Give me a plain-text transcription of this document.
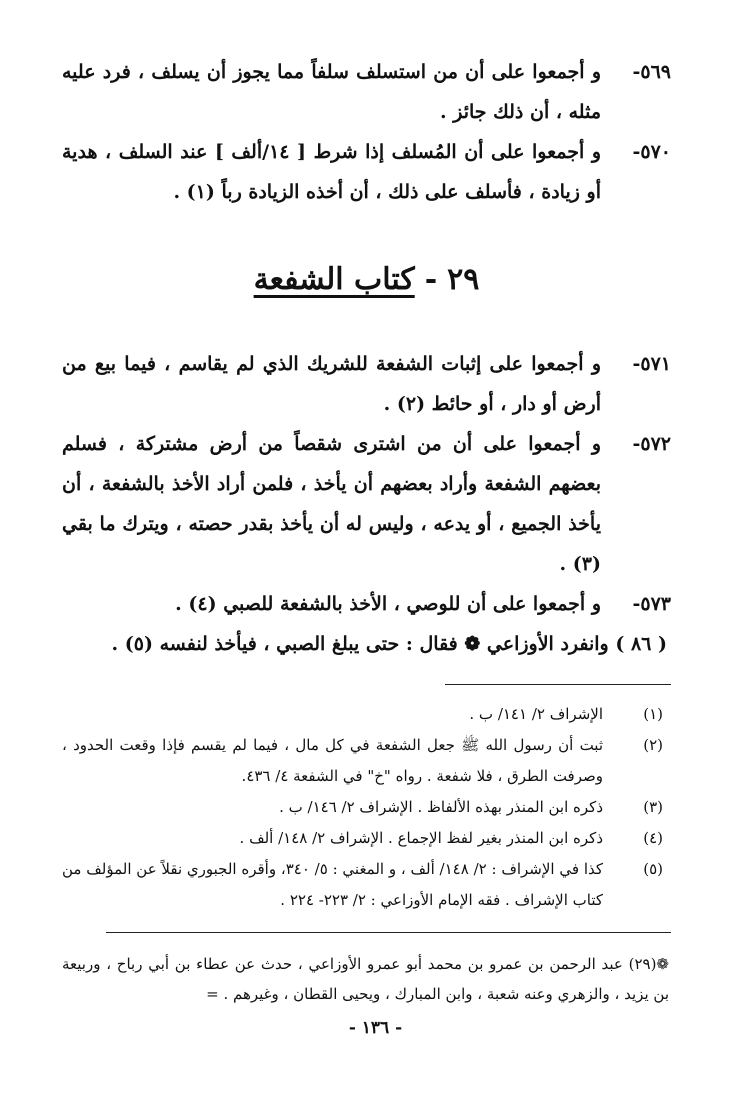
٥٦٩-
و أجمعوا على أن من استسلف سلفاً مما يجوز أن يسلف ، فرد عليه مثله ، أن ذلك جائز .
٥٧٠-
و أجمعوا على أن المُسلف إذا شرط [ ١٤/ألف ] عند السلف ، هدية أو زيادة ، فأسلف على ذلك ، أن أخذه الزيادة رباً (١) .
٢٩-كتاب الشفعة
٥٧١-
و أجمعوا على إثبات الشفعة للشريك الذي لم يقاسم ، فيما بيع من أرض أو دار ، أو حائط (٢) .
٥٧٢-
و أجمعوا على أن من اشترى شقصاً من أرض مشتركة ، فسلم بعضهم الشفعة وأراد بعضهم أن يأخذ ، فلمن أراد الأخذ بالشفعة ، أن يأخذ الجميع ، أو يدعه ، وليس له أن يأخذ بقدر حصته ، ويترك ما بقي (٣) .
٥٧٣-
و أجمعوا على أن للوصي ، الأخذ بالشفعة للصبي (٤) .
( ٨٦ ) وانفرد الأوزاعي ❁ فقال : حتى يبلغ الصبي ، فيأخذ لنفسه (٥) .
(١)
الإشراف ٢/ ١٤١/ ب .
(٢)
ثبت أن رسول الله ﷺ جعل الشفعة في كل مال ، فيما لم يقسم فإذا وقعت الحدود ، وصرفت الطرق ، فلا شفعة . رواه "خ" في الشفعة ٤/ ٤٣٦.
(٣)
ذكره ابن المنذر بهذه الألفاظ . الإشراف ٢/ ١٤٦/ ب .
(٤)
ذكره ابن المنذر بغير لفظ الإجماع . الإشراف ٢/ ١٤٨/ ألف .
(٥)
كذا في الإشراف : ٢/ ١٤٨/ ألف ، و المغني : ٥/ ٣٤٠، وأقره الجبوري نقلاً عن المؤلف من كتاب الإشراف . فقه الإمام الأوزاعي : ٢/ ٢٢٣- ٢٢٤ .
❁(٢٩) عبد الرحمن بن عمرو بن محمد أبو عمرو الأوزاعي ، حدث عن عطاء بن أبي رباح ، وربيعة بن يزيد ، والزهري وعنه شعبة ، وابن المبارك ، ويحيى القطان ، وغيرهم . =
- ١٣٦ -
